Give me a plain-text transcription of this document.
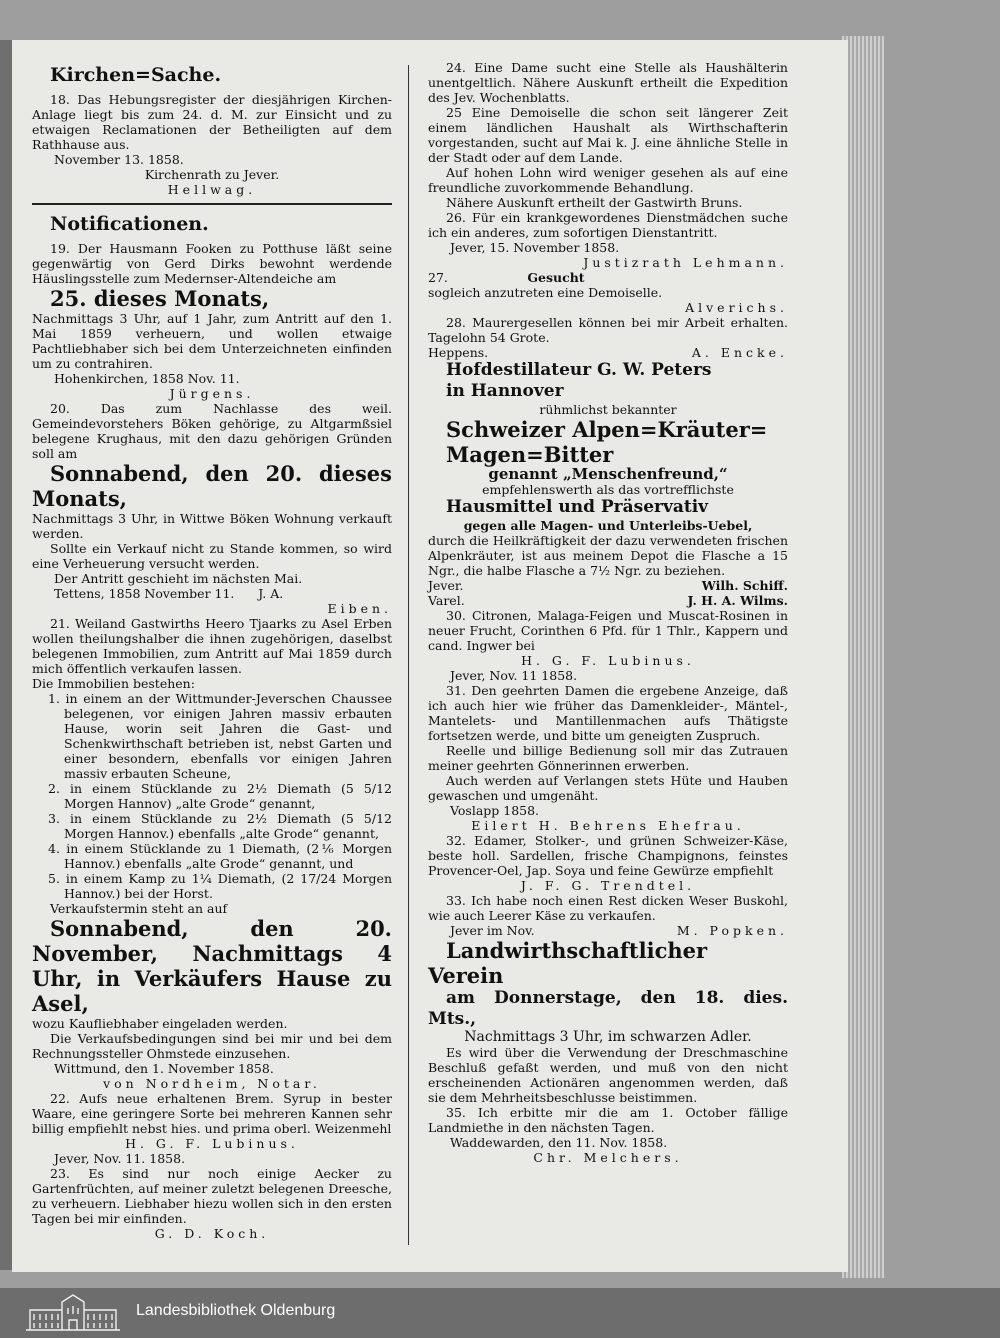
Kirchen=Sache.

18. Das Hebungsregister der diesjährigen Kirchen-Anlage liegt bis zum 24. d. M. zur Einsicht und zu etwaigen Reclamationen der Betheiligten auf dem Rathhause aus.

November 13. 1858.

Kirchenrath zu Jever.

Hellwag.

Notificationen.

19. Der Hausmann Fooken zu Potthuse läßt seine gegenwärtig von Gerd Dirks bewohnt werdende Häuslingsstelle zum Medernser-Altendeiche am

25. dieses Monats,

Nachmittags 3 Uhr, auf 1 Jahr, zum Antritt auf den 1. Mai 1859 verheuern, und wollen etwaige Pachtliebhaber sich bei dem Unterzeichneten einfinden um zu contrahiren.

Hohenkirchen, 1858 Nov. 11.

Jürgens.

20. Das zum Nachlasse des weil. Gemeindevorstehers Böken gehörige, zu Altgarmßsiel belegene Krughaus, mit den dazu gehörigen Gründen soll am

Sonnabend, den 20. dieses Monats,

Nachmittags 3 Uhr, in Wittwe Böken Wohnung verkauft werden.

Sollte ein Verkauf nicht zu Stande kommen, so wird eine Verheuerung versucht werden.

Der Antritt geschieht im nächsten Mai.

Tettens, 1858 November 11. J. A.

Eiben.

21. Weiland Gastwirths Heero Tjaarks zu Asel Erben wollen theilungshalber die ihnen zugehörigen, daselbst belegenen Immobilien, zum Antritt auf Mai 1859 durch mich öffentlich verkaufen lassen.

Die Immobilien bestehen:

1. in einem an der Wittmunder-Jeverschen Chaussee belegenen, vor einigen Jahren massiv erbauten Hause, worin seit Jahren die Gast- und Schenkwirthschaft betrieben ist, nebst Garten und einer besondern, ebenfalls vor einigen Jahren massiv erbauten Scheune,

2. in einem Stücklande zu 2½ Diemath (5 5/12 Morgen Hannov) „alte Grode“ genannt,

3. in einem Stücklande zu 2½ Diemath (5 5/12 Morgen Hannov.) ebenfalls „alte Grode“ genannt,

4. in einem Stücklande zu 1 Diemath, (2⅙ Morgen Hannov.) ebenfalls „alte Grode“ genannt, und

5. in einem Kamp zu 1¼ Diemath, (2 17/24 Morgen Hannov.) bei der Horst.

Verkaufstermin steht an auf

Sonnabend, den 20. November, Nachmittags 4 Uhr, in Verkäufers Hause zu Asel,

wozu Kaufliebhaber eingeladen werden.

Die Verkaufsbedingungen sind bei mir und bei dem Rechnungssteller Ohmstede einzusehen.

Wittmund, den 1. November 1858.

von Nordheim, Notar.

22. Aufs neue erhaltenen Brem. Syrup in bester Waare, eine geringere Sorte bei mehreren Kannen sehr billig empfiehlt nebst hies. und prima oberl. Weizenmehl

H. G. F. Lubinus.

Jever, Nov. 11. 1858.

23. Es sind nur noch einige Aecker zu Gartenfrüchten, auf meiner zuletzt belegenen Dreesche, zu verheuern. Liebhaber hiezu wollen sich in den ersten Tagen bei mir einfinden.

G. D. Koch.

24. Eine Dame sucht eine Stelle als Haushälterin unentgeltlich. Nähere Auskunft ertheilt die Expedition des Jev. Wochenblatts.

25 Eine Demoiselle die schon seit längerer Zeit einem ländlichen Haushalt als Wirthschafterin vorgestanden, sucht auf Mai k. J. eine ähnliche Stelle in der Stadt oder auf dem Lande.

Auf hohen Lohn wird weniger gesehen als auf eine freundliche zuvorkommende Behandlung.

Nähere Auskunft ertheilt der Gastwirth Bruns.

26. Für ein krankgewordenes Dienstmädchen suche ich ein anderes, zum sofortigen Dienstantritt.

Jever, 15. November 1858.

Justizrath Lehmann.

27.	Gesucht

sogleich anzutreten eine Demoiselle.

Alverichs.

28. Maurergesellen können bei mir Arbeit erhalten. Tagelohn 54 Grote.

Heppens.	A. Encke.

Hofdestillateur G. W. Peters

in Hannover

rühmlichst bekannter

Schweizer Alpen=Kräuter=

Magen=Bitter

genannt „Menschenfreund,“

empfehlenswerth als das vortrefflichste

Hausmittel und Präservativ

gegen alle Magen- und Unterleibs-Uebel,

durch die Heilkräftigkeit der dazu verwendeten frischen Alpenkräuter, ist aus meinem Depot die Flasche a 15 Ngr., die halbe Flasche a 7½ Ngr. zu beziehen.

Jever.	Wilh. Schiff.

Varel.	J. H. A. Wilms.

30. Citronen, Malaga-Feigen und Muscat-Rosinen in neuer Frucht, Corinthen 6 Pfd. für 1 Thlr., Kappern und cand. Ingwer bei

H. G. F. Lubinus.

Jever, Nov. 11 1858.

31. Den geehrten Damen die ergebene Anzeige, daß ich auch hier wie früher das Damenkleider-, Mäntel-, Mantelets- und Mantillenmachen aufs Thätigste fortsetzen werde, und bitte um geneigten Zuspruch.

Reelle und billige Bedienung soll mir das Zutrauen meiner geehrten Gönnerinnen erwerben.

Auch werden auf Verlangen stets Hüte und Hauben gewaschen und umgenäht.

Voslapp 1858.

Eilert H. Behrens Ehefrau.

32. Edamer, Stolker-, und grünen Schweizer-Käse, beste holl. Sardellen, frische Champignons, feinstes Provencer-Oel, Jap. Soya und feine Gewürze empfiehlt

J. F. G. Trendtel.

33. Ich habe noch einen Rest dicken Weser Buskohl, wie auch Leerer Käse zu verkaufen.

Jever im Nov.	M. Popken.

Landwirthschaftlicher Verein

am Donnerstage, den 18. dies. Mts.,

Nachmittags 3 Uhr, im schwarzen Adler.

Es wird über die Verwendung der Dreschmaschine Beschluß gefaßt werden, und muß von den nicht erscheinenden Actionären angenommen werden, daß sie dem Mehrheitsbeschlusse beistimmen.

35. Ich erbitte mir die am 1. October fällige Landmiethe in den nächsten Tagen.

Waddewarden, den 11. Nov. 1858.

Chr. Melchers.

Landesbibliothek Oldenburg
